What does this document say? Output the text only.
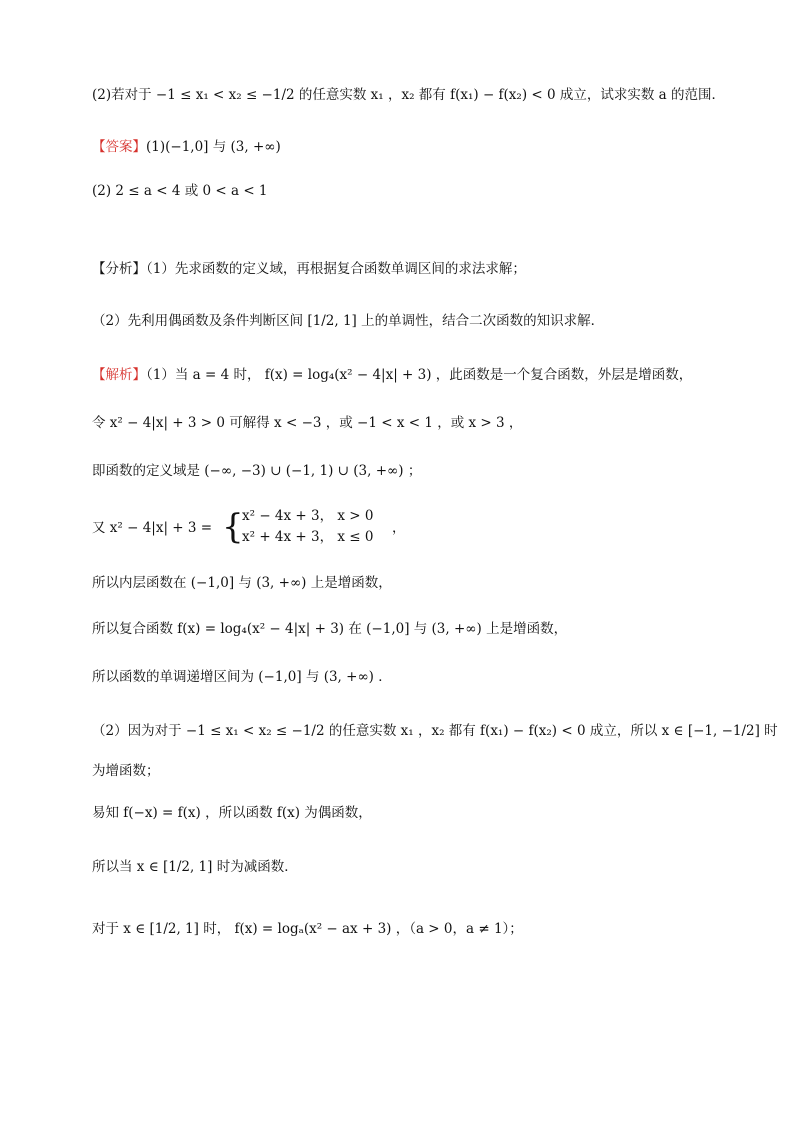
(2)若对于 −1 ≤ x₁ < x₂ ≤ −1/2 的任意实数 x₁ ，x₂ 都有 f(x₁) − f(x₂) < 0 成立，试求实数 a 的范围．
【答案】(1)(−1,0] 与 (3, +∞)
(2) 2 ≤ a < 4 或 0 < a < 1
【分析】（1）先求函数的定义域，再根据复合函数单调区间的求法求解；
（2）先利用偶函数及条件判断区间 [1/2, 1] 上的单调性，结合二次函数的知识求解．
【解析】（1）当 a = 4 时， f(x) = log₄(x² − 4|x| + 3) ，此函数是一个复合函数，外层是增函数，
令 x² − 4|x| + 3 > 0 可解得 x < −3 ，或 −1 < x < 1 ，或 x > 3 ，
即函数的定义域是 (−∞, −3) ∪ (−1, 1) ∪ (3, +∞) ；
又 x² − 4|x| + 3 = {
x² − 4x + 3， x > 0
x² + 4x + 3， x ≤ 0
，
所以内层函数在 (−1,0] 与 (3, +∞) 上是增函数，
所以复合函数 f(x) = log₄(x² − 4|x| + 3) 在 (−1,0] 与 (3, +∞) 上是增函数，
所以函数的单调递增区间为 (−1,0] 与 (3, +∞) ．
（2）因为对于 −1 ≤ x₁ < x₂ ≤ −1/2 的任意实数 x₁ ，x₂ 都有 f(x₁) − f(x₂) < 0 成立，所以 x ∈ [−1, −1/2] 时
为增函数；
易知 f(−x) = f(x) ，所以函数 f(x) 为偶函数，
所以当 x ∈ [1/2, 1] 时为减函数．
对于 x ∈ [1/2, 1] 时， f(x) = logₐ(x² − ax + 3) ，（a > 0，a ≠ 1）；
